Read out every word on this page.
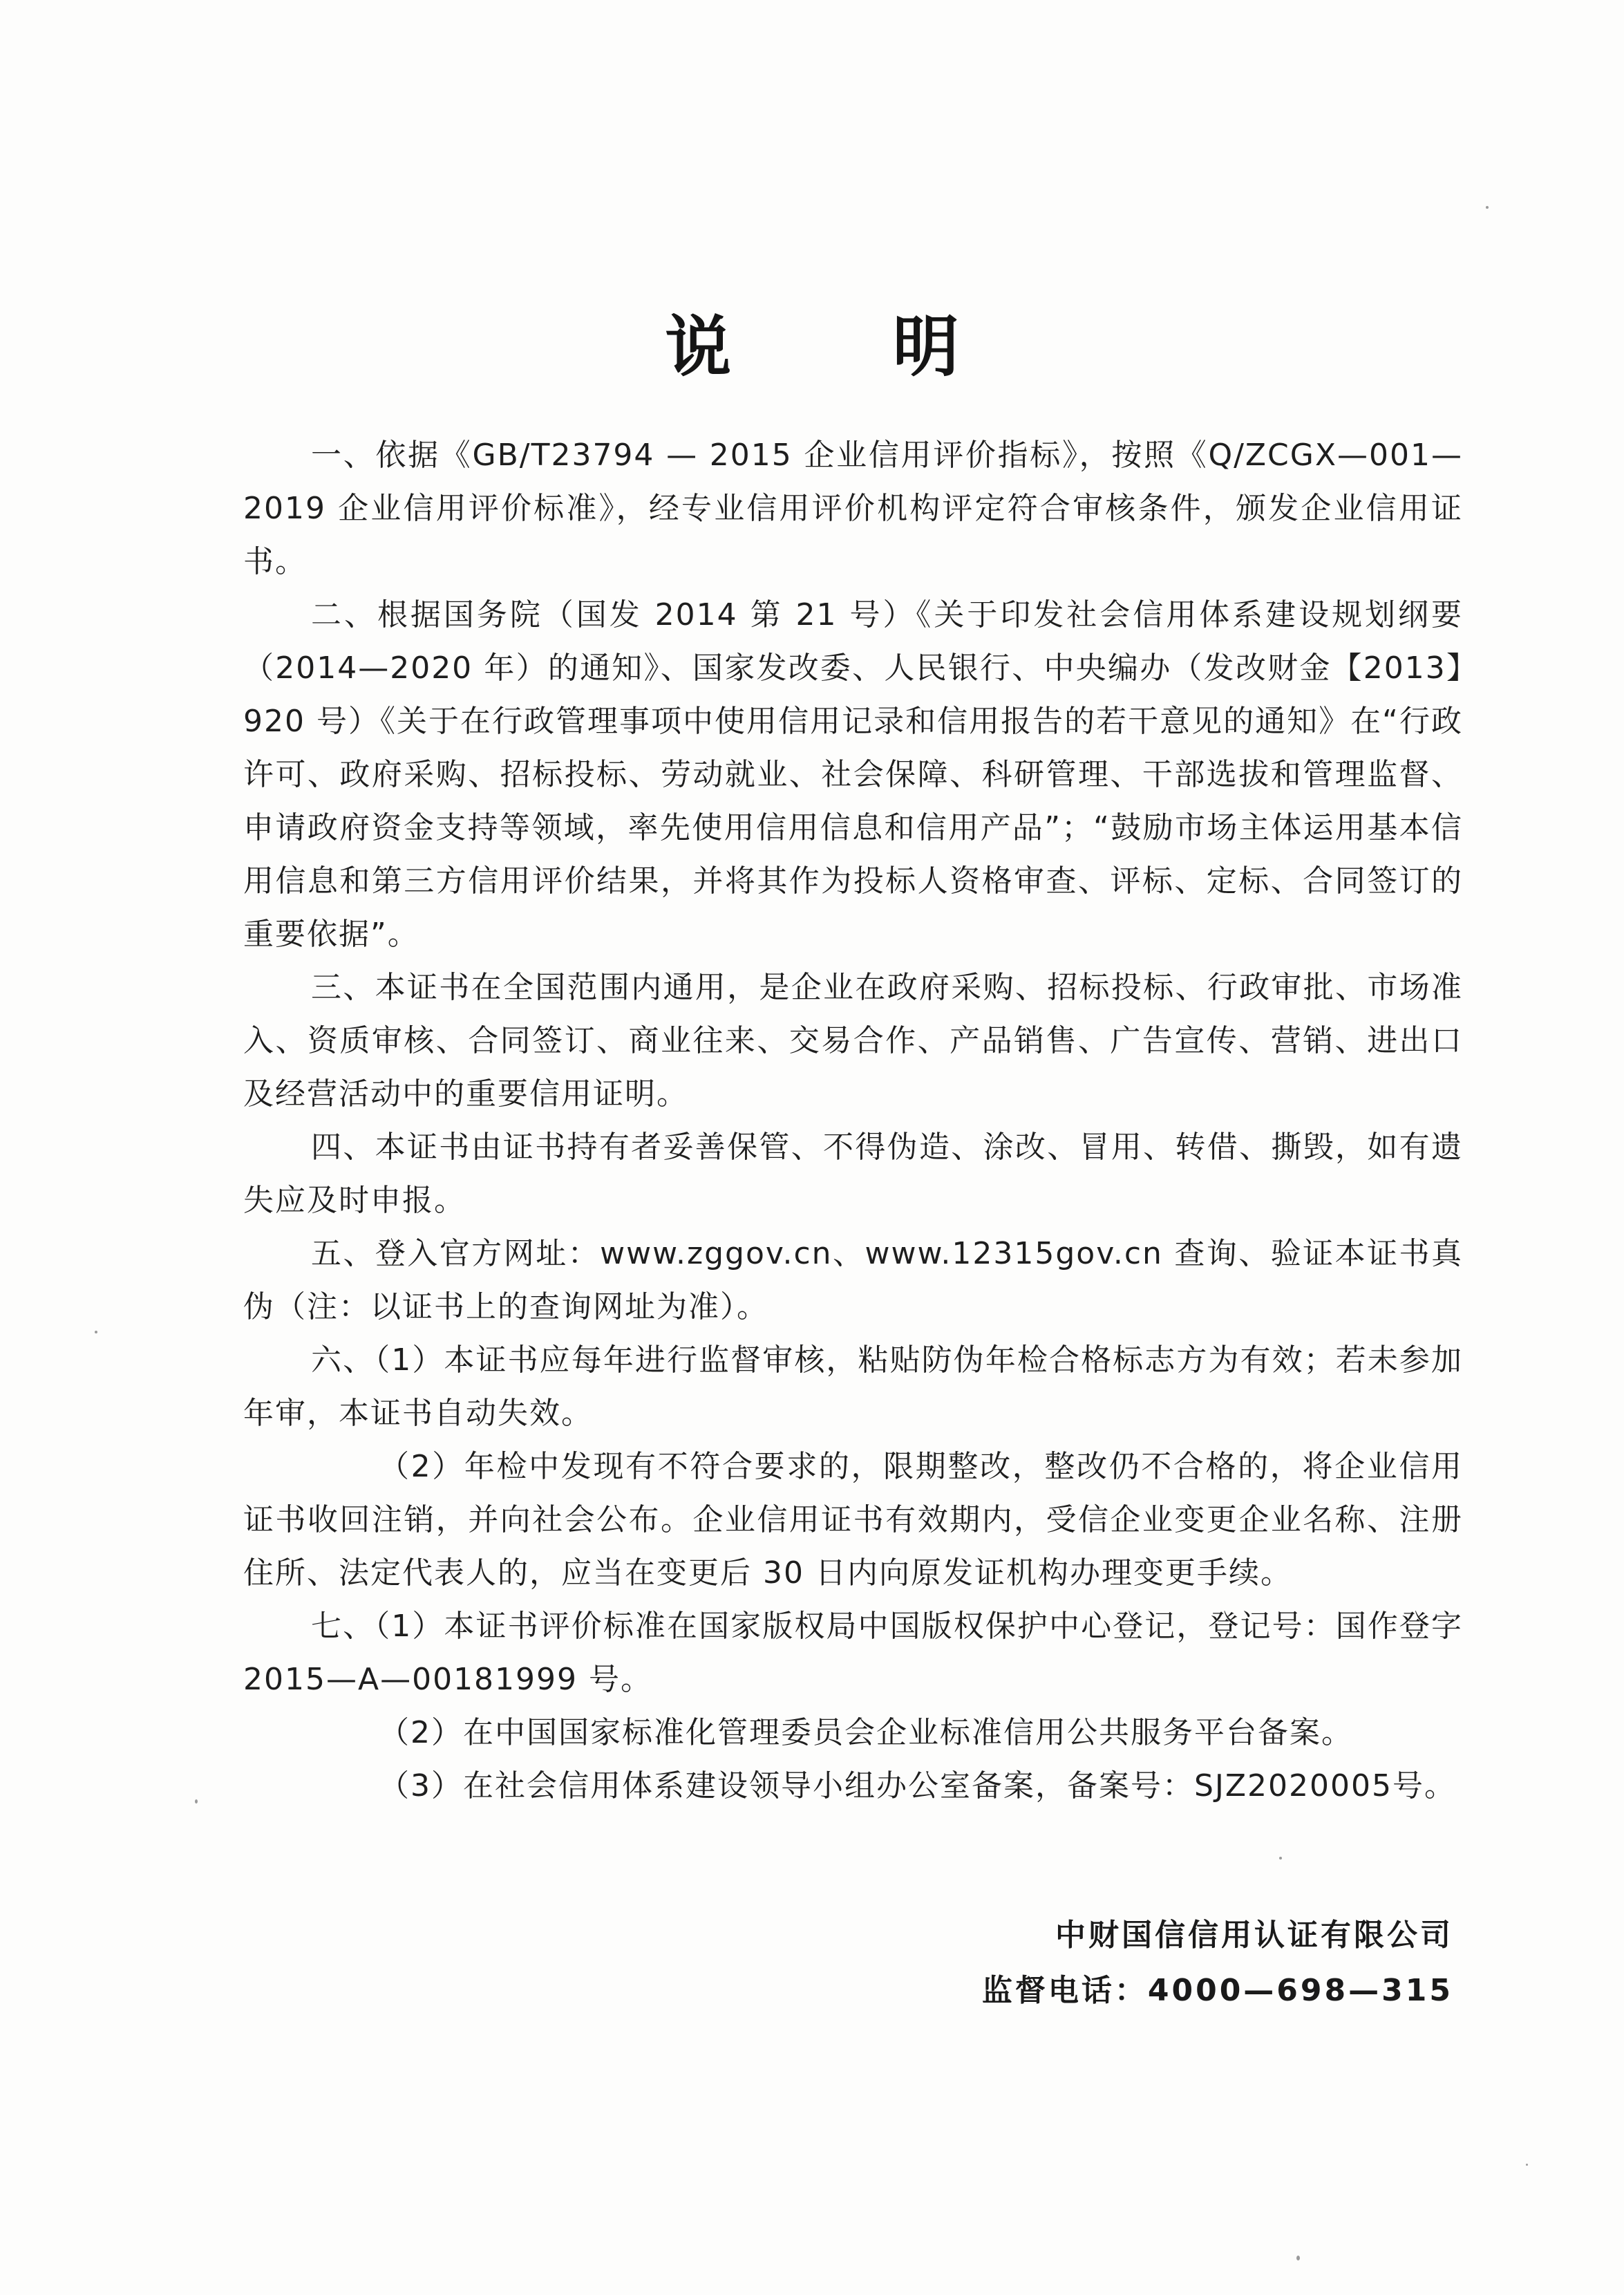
说 明

一、依据《GB/T23794 — 2015 企业信用评价指标》，按照《Q/ZCGX—001—2019 企业信用评价标准》，经专业信用评价机构评定符合审核条件，颁发企业信用证书。

二、根据国务院（国发 2014 第 21 号）《关于印发社会信用体系建设规划纲要（2014—2020 年）的通知》、国家发改委、人民银行、中央编办（发改财金【2013】920 号）《关于在行政管理事项中使用信用记录和信用报告的若干意见的通知》在“行政许可、政府采购、招标投标、劳动就业、社会保障、科研管理、干部选拔和管理监督、申请政府资金支持等领域，率先使用信用信息和信用产品”；“鼓励市场主体运用基本信用信息和第三方信用评价结果，并将其作为投标人资格审查、评标、定标、合同签订的重要依据”。

三、本证书在全国范围内通用，是企业在政府采购、招标投标、行政审批、市场准入、资质审核、合同签订、商业往来、交易合作、产品销售、广告宣传、营销、进出口及经营活动中的重要信用证明。

四、本证书由证书持有者妥善保管、不得伪造、涂改、冒用、转借、撕毁，如有遗失应及时申报。

五、登入官方网址：www.zggov.cn、www.12315gov.cn 查询、验证本证书真伪（注：以证书上的查询网址为准）。

六、（1）本证书应每年进行监督审核，粘贴防伪年检合格标志方为有效；若未参加年审，本证书自动失效。

（2）年检中发现有不符合要求的，限期整改，整改仍不合格的，将企业信用证书收回注销，并向社会公布。企业信用证书有效期内，受信企业变更企业名称、注册住所、法定代表人的，应当在变更后 30 日内向原发证机构办理变更手续。

七、（1）本证书评价标准在国家版权局中国版权保护中心登记，登记号：国作登字 2015—A—00181999 号。

（2）在中国国家标准化管理委员会企业标准信用公共服务平台备案。

（3）在社会信用体系建设领导小组办公室备案，备案号：SJZ2020005号。

中财国信信用认证有限公司
监督电话：4000—698—315
